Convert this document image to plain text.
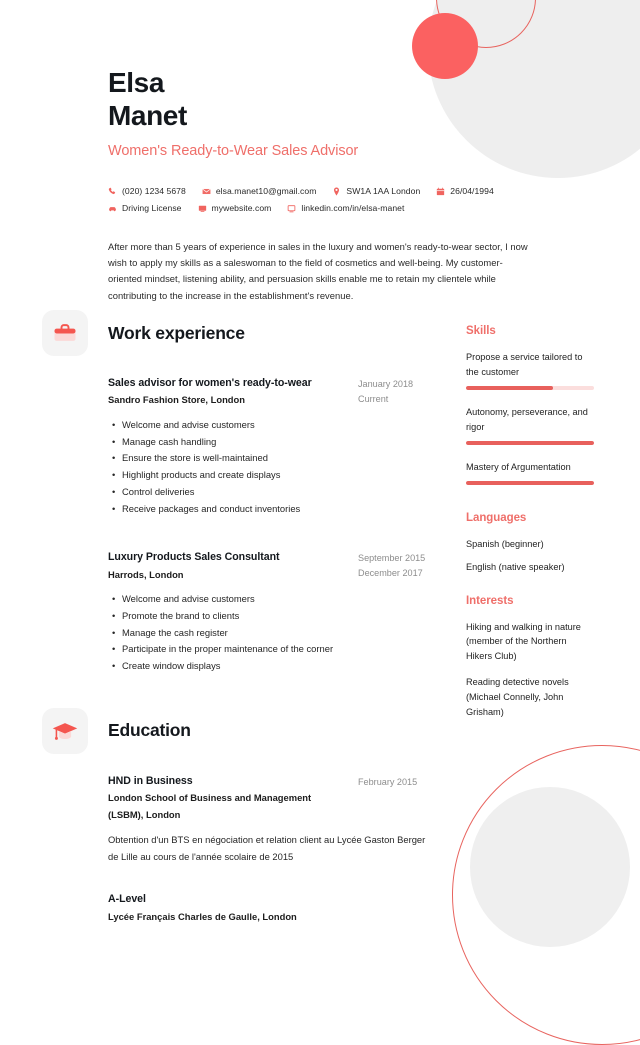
Elsa
Manet
Women's Ready-to-Wear Sales Advisor
(020) 1234 5678	elsa.manet10@gmail.com	SW1A 1AA London	26/04/1994
Driving License	mywebsite.com	linkedin.com/in/elsa-manet
After more than 5 years of experience in sales in the luxury and women's ready-to-wear sector, I now wish to apply my skills as a saleswoman to the field of cosmetics and well-being. My customer-oriented mindset, listening ability, and persuasion skills enable me to retain my clientele while contributing to the increase in the establishment's revenue.
Work experience
Sales advisor for women's ready-to-wear
Sandro Fashion Store, London
January 2018
Current
• Welcome and advise customers
• Manage cash handling
• Ensure the store is well-maintained
• Highlight products and create displays
• Control deliveries
• Receive packages and conduct inventories
Luxury Products Sales Consultant
Harrods, London
September 2015
December 2017
• Welcome and advise customers
• Promote the brand to clients
• Manage the cash register
• Participate in the proper maintenance of the corner
• Create window displays
Education
HND in Business
London School of Business and Management
(LSBM), London
February 2015
Obtention d'un BTS en négociation et relation client au Lycée Gaston Berger de Lille au cours de l'année scolaire de 2015
A-Level
Lycée Français Charles de Gaulle, London
Skills
Propose a service tailored to the customer
Autonomy, perseverance, and rigor
Mastery of Argumentation
Languages
Spanish (beginner)
English (native speaker)
Interests
Hiking and walking in nature (member of the Northern Hikers Club)
Reading detective novels (Michael Connelly, John Grisham)
